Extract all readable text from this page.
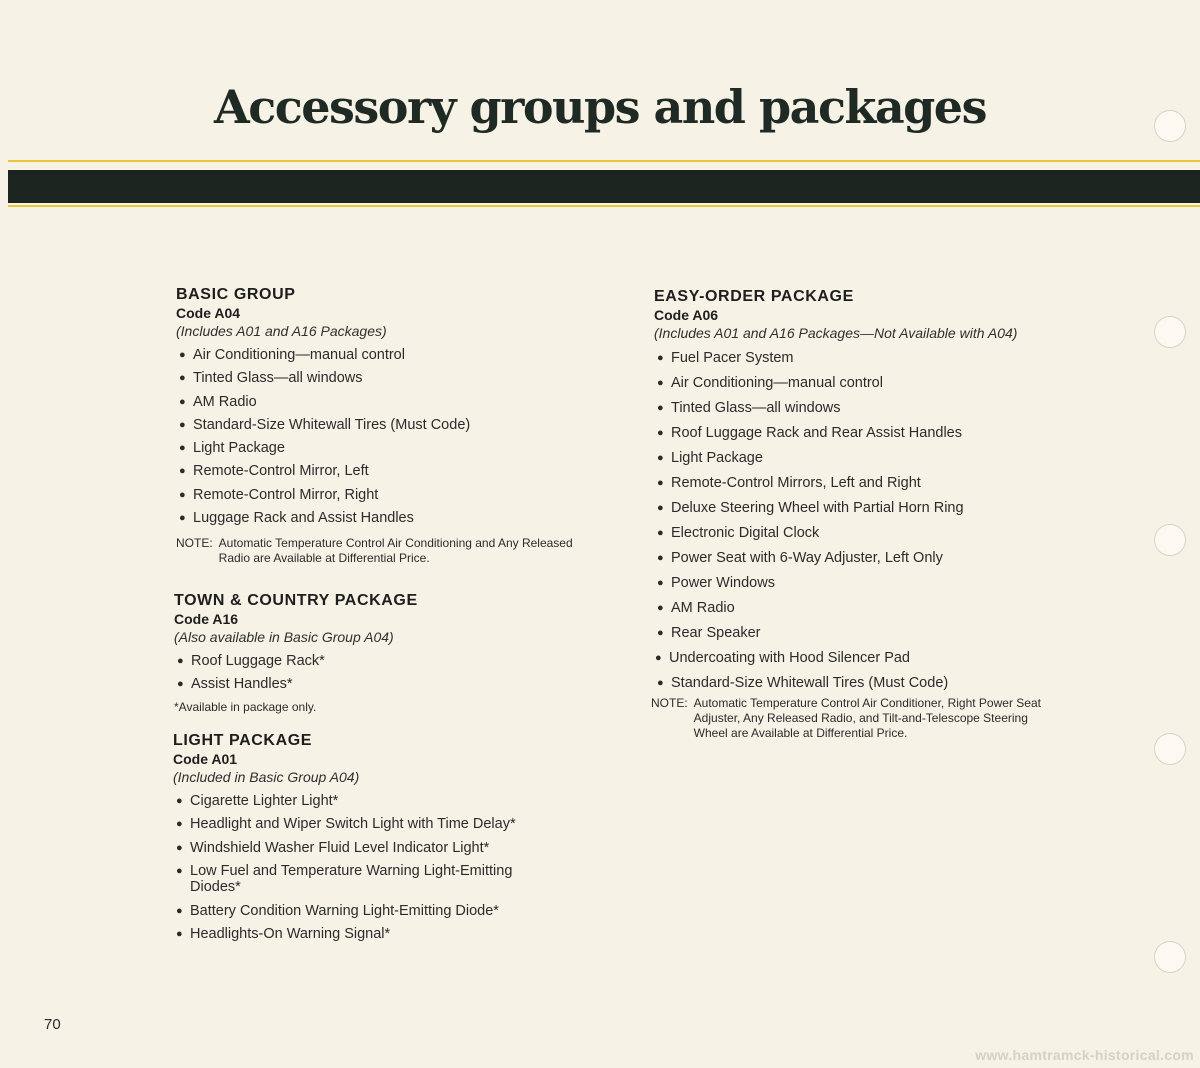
Accessory groups and packages
BASIC GROUP
Code A04
(Includes A01 and A16 Packages)
● Air Conditioning—manual control
● Tinted Glass—all windows
● AM Radio
● Standard-Size Whitewall Tires (Must Code)
● Light Package
● Remote-Control Mirror, Left
● Remote-Control Mirror, Right
● Luggage Rack and Assist Handles
NOTE: Automatic Temperature Control Air Conditioning and Any Released Radio are Available at Differential Price.
TOWN & COUNTRY PACKAGE
Code A16
(Also available in Basic Group A04)
● Roof Luggage Rack*
● Assist Handles*
*Available in package only.
LIGHT PACKAGE
Code A01
(Included in Basic Group A04)
● Cigarette Lighter Light*
● Headlight and Wiper Switch Light with Time Delay*
● Windshield Washer Fluid Level Indicator Light*
● Low Fuel and Temperature Warning Light-Emitting Diodes*
● Battery Condition Warning Light-Emitting Diode*
● Headlights-On Warning Signal*
EASY-ORDER PACKAGE
Code A06
(Includes A01 and A16 Packages—Not Available with A04)
● Fuel Pacer System
● Air Conditioning—manual control
● Tinted Glass—all windows
● Roof Luggage Rack and Rear Assist Handles
● Light Package
● Remote-Control Mirrors, Left and Right
● Deluxe Steering Wheel with Partial Horn Ring
● Electronic Digital Clock
● Power Seat with 6-Way Adjuster, Left Only
● Power Windows
● AM Radio
● Rear Speaker
● Undercoating with Hood Silencer Pad
● Standard-Size Whitewall Tires (Must Code)
NOTE: Automatic Temperature Control Air Conditioner, Right Power Seat Adjuster, Any Released Radio, and Tilt-and-Telescope Steering Wheel are Available at Differential Price.
70
www.hamtramck-historical.com
